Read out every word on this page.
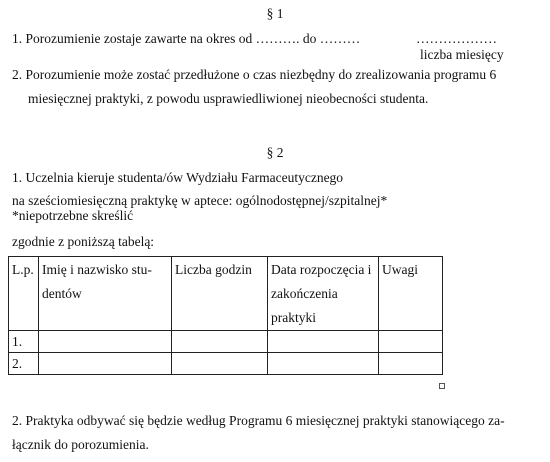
§ 1
1. Porozumienie zostaje zawarte na okres od ………. do ………	………………
liczba miesięcy
2. Porozumienie może zostać przedłużone o czas niezbędny do zrealizowania programu 6
miesięcznej praktyki, z powodu usprawiedliwionej nieobecności studenta.
§ 2
1. Uczelnia kieruje studenta/ów Wydziału Farmaceutycznego
na sześciomiesięczną praktykę w aptece: ogólnodostępnej/szpitalnej*
*niepotrzebne skreślić
zgodnie z poniższą tabelą:
L.p.	Imię i nazwisko stu-dentów	Liczba godzin	Data rozpoczęcia i zakończenia praktyki	Uwagi
1.				
2.				
2. Praktyka odbywać się będzie według Programu 6 miesięcznej praktyki stanowiącego za-
łącznik do porozumienia.
